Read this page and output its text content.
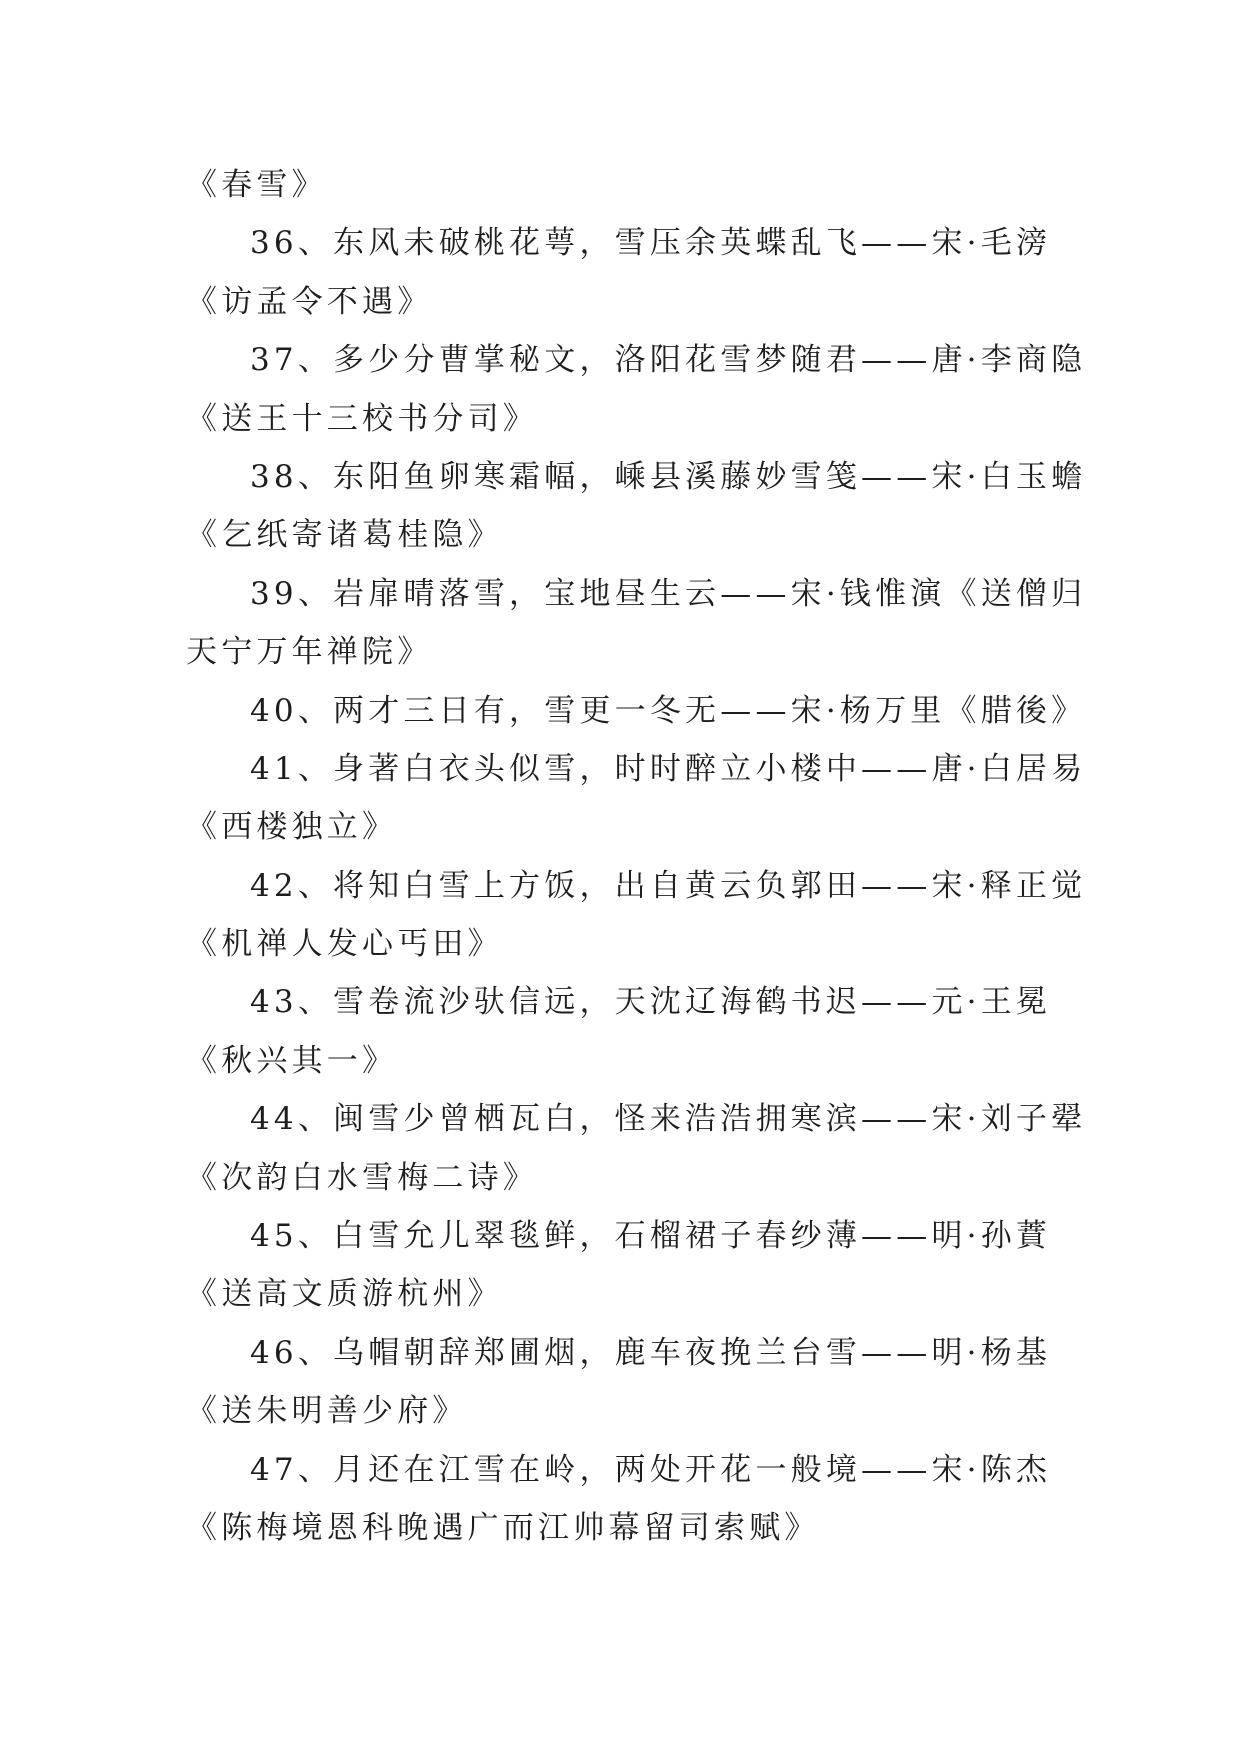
《春雪》
36、东风未破桃花萼，雪压余英蝶乱飞——宋·毛滂
《访孟令不遇》
37、多少分曹掌秘文，洛阳花雪梦随君——唐·李商隐
《送王十三校书分司》
38、东阳鱼卵寒霜幅，嵊县溪藤妙雪笺——宋·白玉蟾
《乞纸寄诸葛桂隐》
39、岩扉晴落雪，宝地昼生云——宋·钱惟演《送僧归
天宁万年禅院》
40、两才三日有，雪更一冬无——宋·杨万里《腊後》
41、身著白衣头似雪，时时醉立小楼中——唐·白居易
《西楼独立》
42、将知白雪上方饭，出自黄云负郭田——宋·释正觉
《机禅人发心丐田》
43、雪卷流沙驮信远，天沈辽海鹤书迟——元·王冕
《秋兴其一》
44、闽雪少曾栖瓦白，怪来浩浩拥寒滨——宋·刘子翚
《次韵白水雪梅二诗》
45、白雪允儿翠毯鲜，石榴裙子春纱薄——明·孙蕡
《送高文质游杭州》
46、乌帽朝辞郑圃烟，鹿车夜挽兰台雪——明·杨基
《送朱明善少府》
47、月还在江雪在岭，两处开花一般境——宋·陈杰
《陈梅境恩科晚遇广而江帅幕留司索赋》
